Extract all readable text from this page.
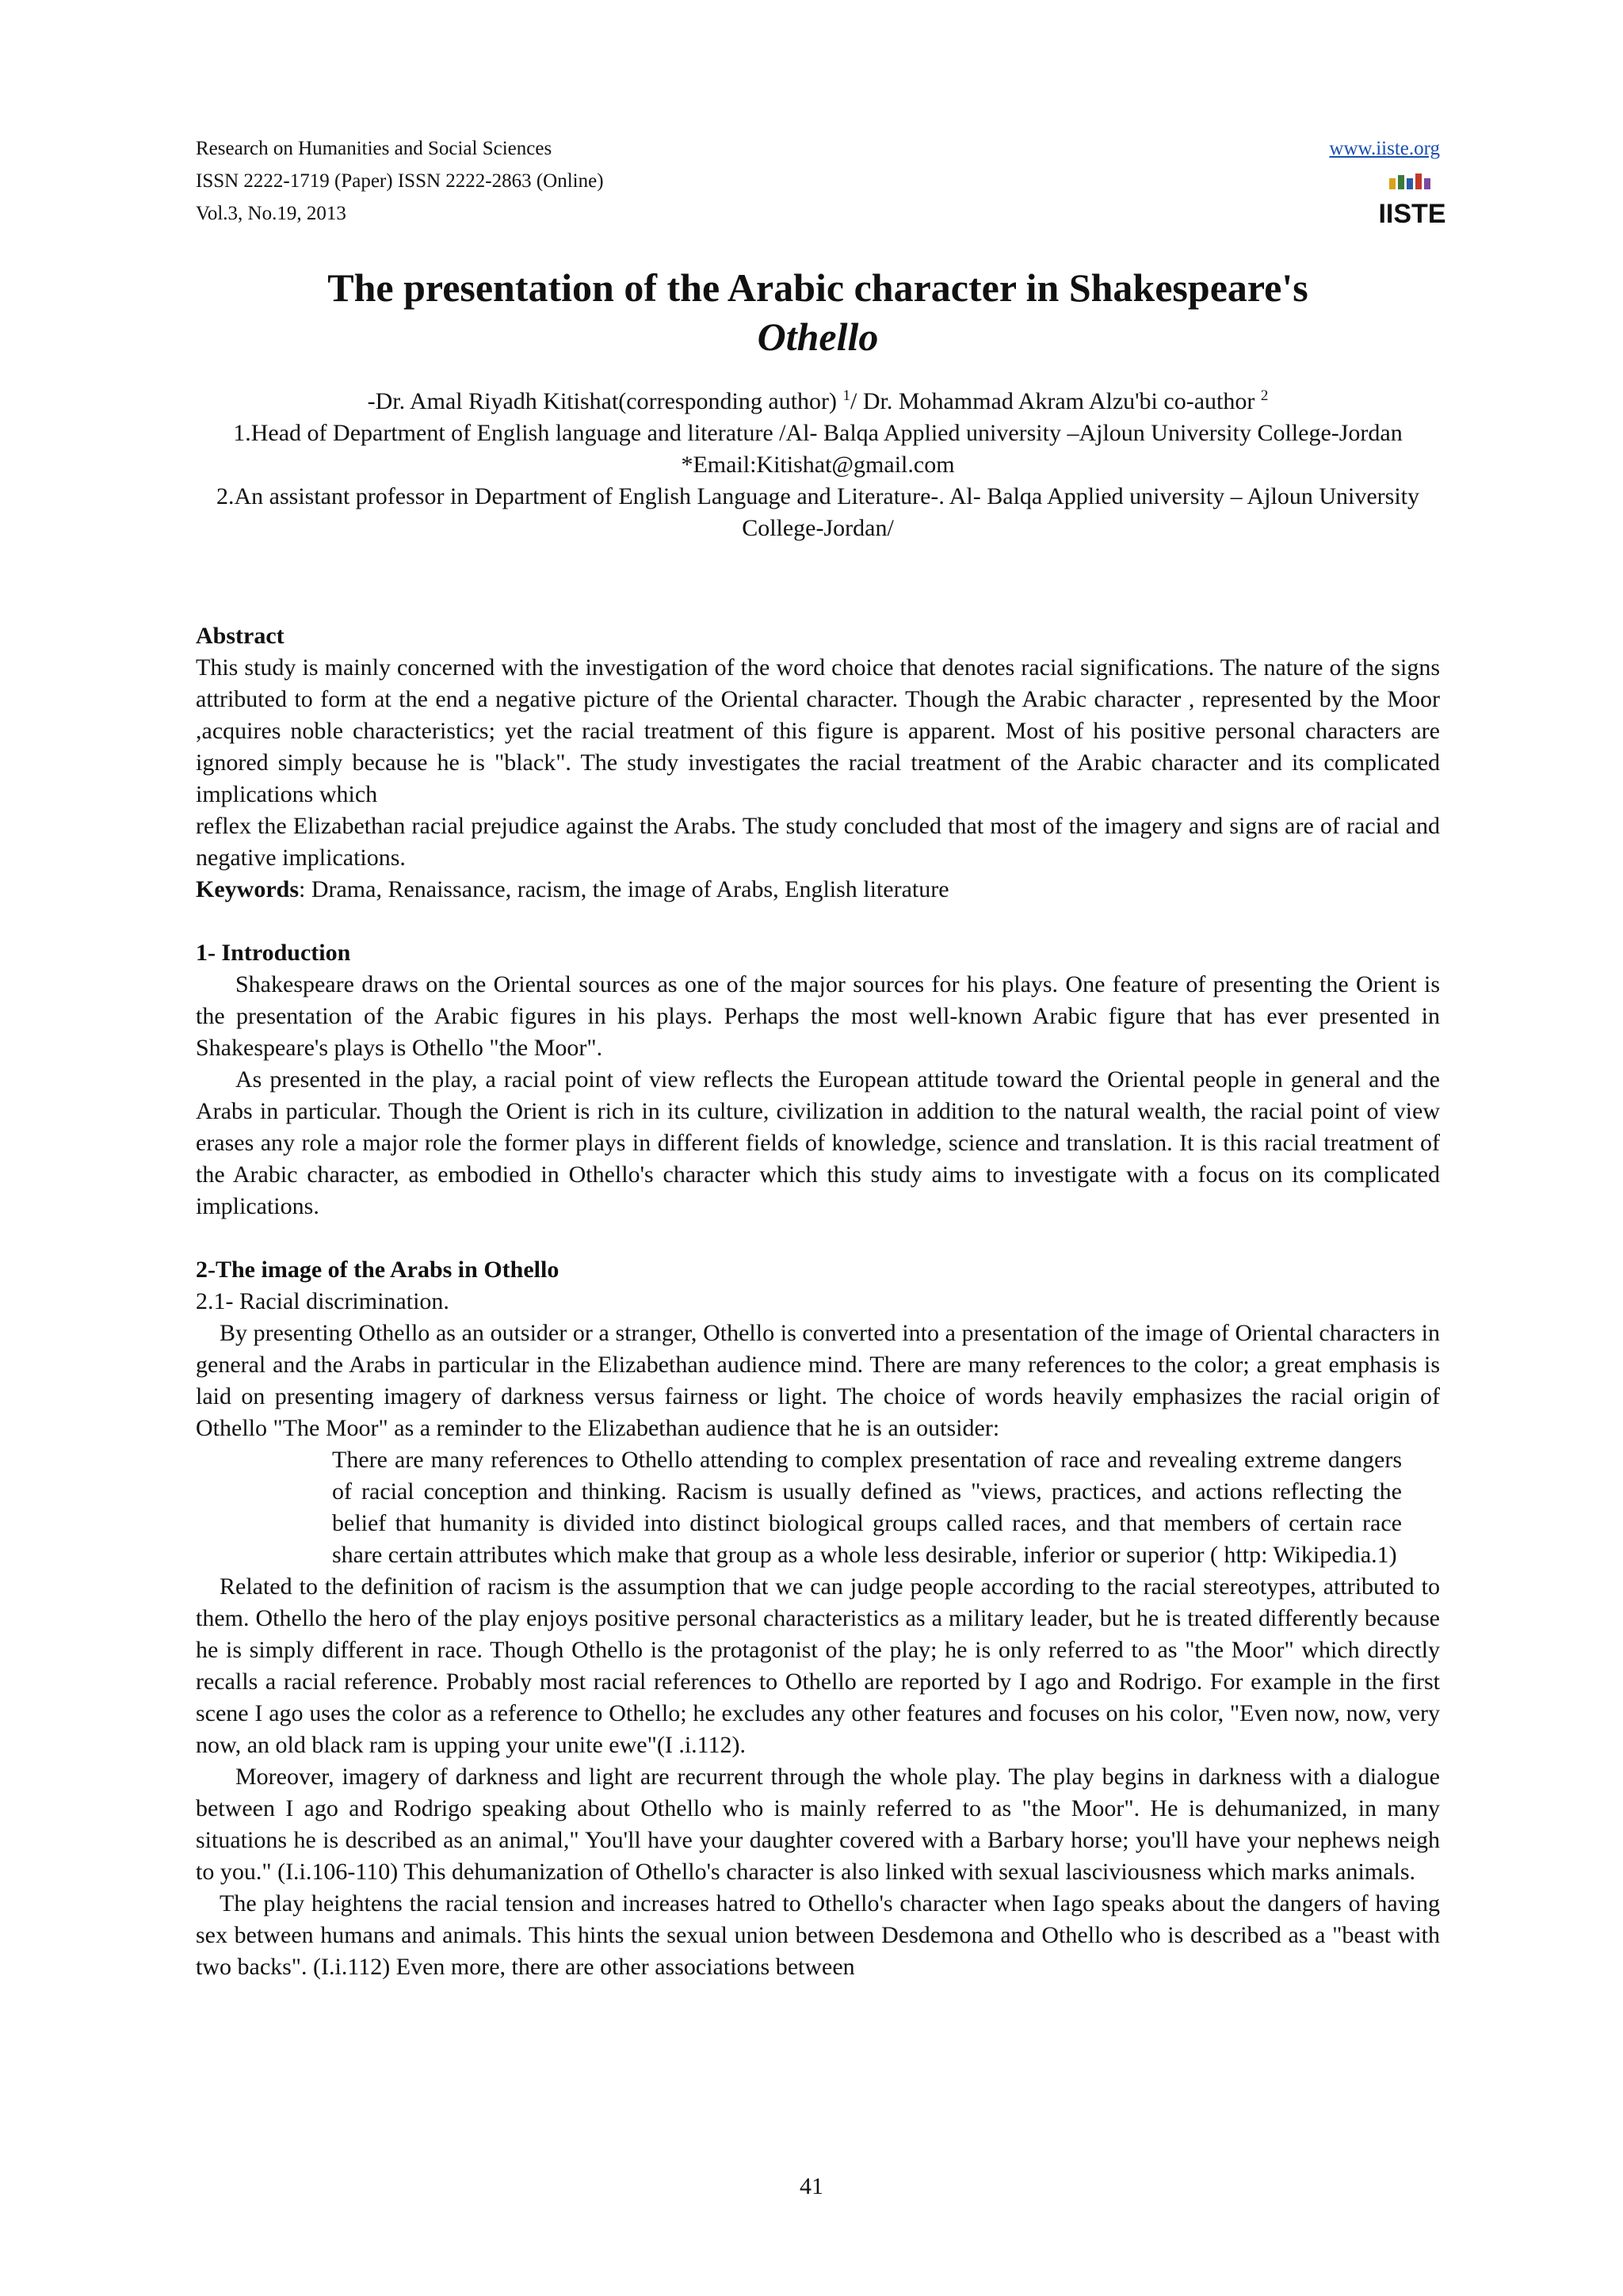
Research on Humanities and Social Sciences
ISSN 2222-1719 (Paper) ISSN 2222-2863 (Online)
Vol.3, No.19, 2013
www.iiste.org
IISTE
The presentation of the Arabic character in Shakespeare's
Othello
-Dr. Amal Riyadh Kitishat(corresponding author) $^1$/ Dr. Mohammad Akram Alzu'bi co-author $^2$
1.Head of Department of English language and literature /Al- Balqa Applied university –Ajloun University College-Jordan
*Email:Kitishat@gmail.com
2.An assistant professor in Department of English Language and Literature-. Al- Balqa Applied university – Ajloun University College-Jordan/

Abstract

This study is mainly concerned with the investigation of the word choice that denotes racial significations. The nature of the signs attributed to form at the end a negative picture of the Oriental character. Though the Arabic character , represented by the Moor ,acquires noble characteristics; yet the racial treatment of this figure is apparent. Most of his positive personal characters are ignored simply because he is "black". The study investigates the racial treatment of the Arabic character and its complicated implications which

reflex the Elizabethan racial prejudice against the Arabs. The study concluded that most of the imagery and signs are of racial and negative implications.

Keywords: Drama, Renaissance, racism, the image of Arabs, English literature

1- Introduction

Shakespeare draws on the Oriental sources as one of the major sources for his plays. One feature of presenting the Orient is the presentation of the Arabic figures in his plays. Perhaps the most well-known Arabic figure that has ever presented in Shakespeare's plays is Othello "the Moor".

As presented in the play, a racial point of view reflects the European attitude toward the Oriental people in general and the Arabs in particular. Though the Orient is rich in its culture, civilization in addition to the natural wealth, the racial point of view erases any role a major role the former plays in different fields of knowledge, science and translation. It is this racial treatment of the Arabic character, as embodied in Othello's character which this study aims to investigate with a focus on its complicated implications.

2-The image of the Arabs in Othello

2.1- Racial discrimination.

By presenting Othello as an outsider or a stranger, Othello is converted into a presentation of the image of Oriental characters in general and the Arabs in particular in the Elizabethan audience mind. There are many references to the color; a great emphasis is laid on presenting imagery of darkness versus fairness or light. The choice of words heavily emphasizes the racial origin of Othello "The Moor" as a reminder to the Elizabethan audience that he is an outsider:

There are many references to Othello attending to complex presentation of race and revealing extreme dangers of racial conception and thinking. Racism is usually defined as "views, practices, and actions reflecting the belief that humanity is divided into distinct biological groups called races, and that members of certain race share certain attributes which make that group as a whole less desirable, inferior or superior ( http: Wikipedia.1)

Related to the definition of racism is the assumption that we can judge people according to the racial stereotypes, attributed to them. Othello the hero of the play enjoys positive personal characteristics as a military leader, but he is treated differently because he is simply different in race. Though Othello is the protagonist of the play; he is only referred to as "the Moor" which directly recalls a racial reference. Probably most racial references to Othello are reported by I ago and Rodrigo. For example in the first scene I ago uses the color as a reference to Othello; he excludes any other features and focuses on his color, "Even now, now, very now, an old black ram is upping your unite ewe"(I .i.112).

Moreover, imagery of darkness and light are recurrent through the whole play. The play begins in darkness with a dialogue between I ago and Rodrigo speaking about Othello who is mainly referred to as "the Moor". He is dehumanized, in many situations he is described as an animal," You'll have your daughter covered with a Barbary horse; you'll have your nephews neigh to you." (I.i.106-110) This dehumanization of Othello's character is also linked with sexual lasciviousness which marks animals.

The play heightens the racial tension and increases hatred to Othello's character when Iago speaks about the dangers of having sex between humans and animals. This hints the sexual union between Desdemona and Othello who is described as a "beast with two backs". (I.i.112) Even more, there are other associations between

41
